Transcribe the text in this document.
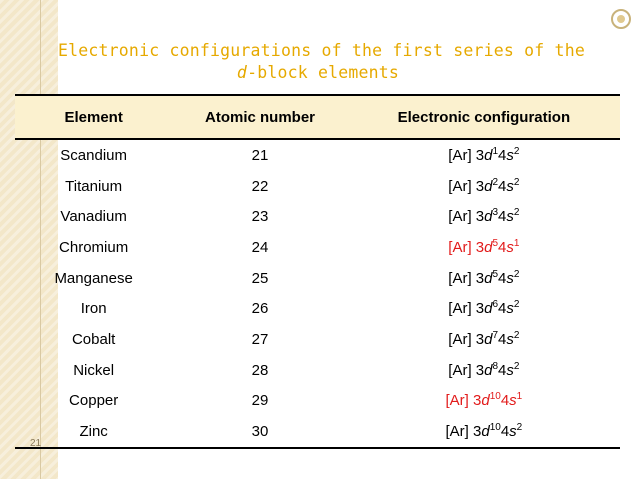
21
Electronic configurations of the first series of the
d-block elements
Element	Atomic number	Electronic configuration
Scandium	21	[Ar] $3d^14s^2$
Titanium	22	[Ar] $3d^24s^2$
Vanadium	23	[Ar] $3d^34s^2$
Chromium	24	[Ar] $3d^54s^1$
Manganese	25	[Ar] $3d^54s^2$
Iron	26	[Ar] $3d^64s^2$
Cobalt	27	[Ar] $3d^74s^2$
Nickel	28	[Ar] $3d^84s^2$
Copper	29	[Ar] $3d^{10}4s^1$
Zinc	30	[Ar] $3d^{10}4s^2$
